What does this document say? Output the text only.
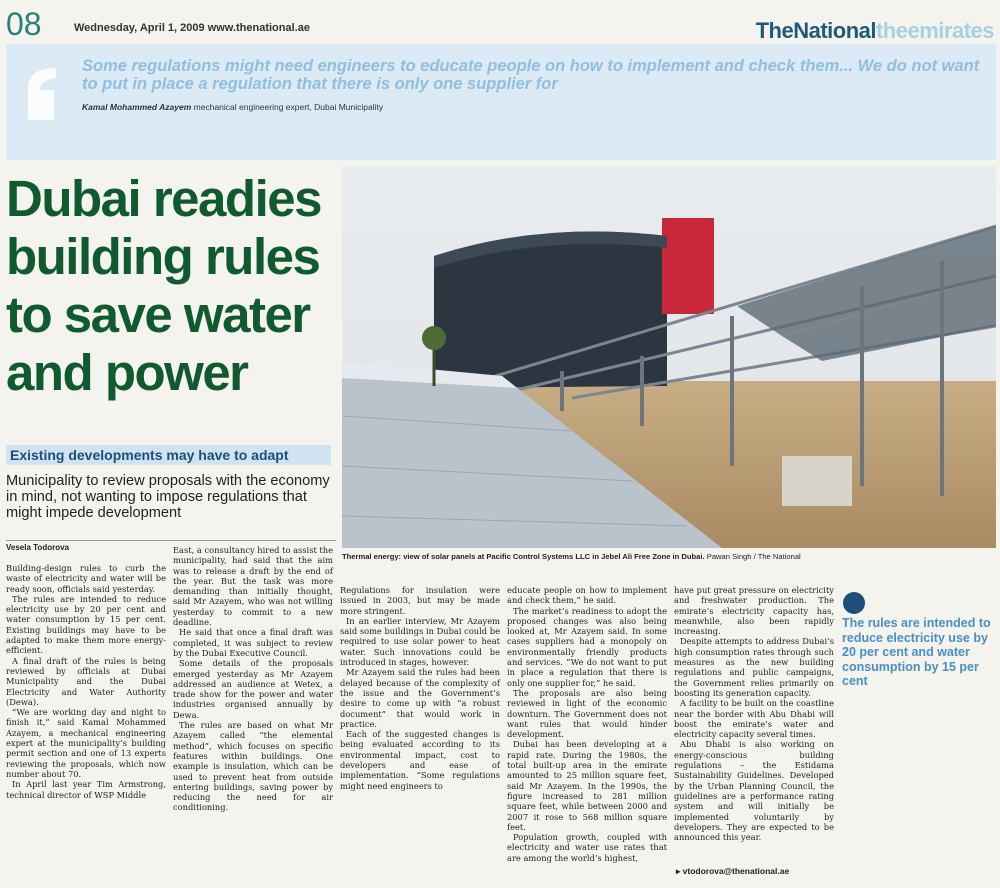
08	Wednesday, April 1, 2009 www.thenational.ae	TheNationaltheemirates
Some regulations might need engineers to educate people on how to implement and check them... We do not want to put in place a regulation that there is only one supplier for
Kamal Mohammed Azayem mechanical engineering expert, Dubai Municipality
Dubai readies building rules to save water and power
Existing developments may have to adapt
Municipality to review proposals with the economy in mind, not wanting to impose regulations that might impede development
Vesela Todorova
Thermal energy: view of solar panels at Pacific Control Systems LLC in Jebel Ali Free Zone in Dubai. Pawan Singh / The National

Building-design rules to curb the waste of electricity and water will be ready soon, officials said yesterday.

The rules are intended to reduce electricity use by 20 per cent and water consumption by 15 per cent. Existing buildings may have to be adapted to make them more energy-efficient.

A final draft of the rules is being reviewed by officials at Dubai Municipality and the Dubai Electricity and Water Authority (Dewa).

“We are working day and night to finish it,” said Kamal Mohammed Azayem, a mechanical engineering expert at the municipality’s building permit section and one of 13 experts reviewing the proposals, which now number about 70.

In April last year Tim Armstrong, technical director of WSP Middle

East, a consultancy hired to assist the municipality, had said that the aim was to release a draft by the end of the year. But the task was more demanding than initially thought, said Mr Azayem, who was not willing yesterday to commit to a new deadline.

He said that once a final draft was completed, it was subject to review by the Dubai Executive Council.

Some details of the proposals emerged yesterday as Mr Azayem addressed an audience at Wetex, a trade show for the power and water industries organised annually by Dewa.

The rules are based on what Mr Azayem called “the elemental method”, which focuses on specific features within buildings. One example is insulation, which can be used to prevent heat from outside entering buildings, saving power by reducing the need for air conditioning.

Regulations for insulation were issued in 2003, but may be made more stringent.

In an earlier interview, Mr Azayem said some buildings in Dubai could be required to use solar power to heat water. Such innovations could be introduced in stages, however.

Mr Azayem said the rules had been delayed because of the complexity of the issue and the Government’s desire to come up with “a robust document” that would work in practice.

Each of the suggested changes is being evaluated according to its environmental impact, cost to developers and ease of implementation. “Some regulations might need engineers to

educate people on how to implement and check them,” he said.

The market’s readiness to adopt the proposed changes was also being looked at, Mr Azayem said. In some cases suppliers had a monopoly on environmentally friendly products and services. “We do not want to put in place a regulation that there is only one supplier for,” he said.

The proposals are also being reviewed in light of the economic downturn. The Government does not want rules that would hinder development.

Dubai has been developing at a rapid rate. During the 1980s, the total built-up area in the emirate amounted to 25 million square feet, said Mr Azayem. In the 1990s, the figure increased to 281 million square feet, while between 2000 and 2007 it rose to 568 million square feet.

Population growth, coupled with electricity and water use rates that are among the world’s highest,

have put great pressure on electricity and freshwater production. The emirate’s electricity capacity has, meanwhile, also been rapidly increasing.

Despite attempts to address Dubai’s high consumption rates through such measures as the new building regulations and public campaigns, the Government relies primarily on boosting its generation capacity.

A facility to be built on the coastline near the border with Abu Dhabi will boost the emirate’s water and electricity capacity several times.

Abu Dhabi is also working on energy-conscious building regulations – the Estidama Sustainability Guidelines. Developed by the Urban Planning Council, the guidelines are a performance rating system and will initially be implemented voluntarily by developers. They are expected to be announced this year.

▸ vtodorova@thenational.ae
The rules are intended to reduce electricity use by 20 per cent and water consumption by 15 per cent
